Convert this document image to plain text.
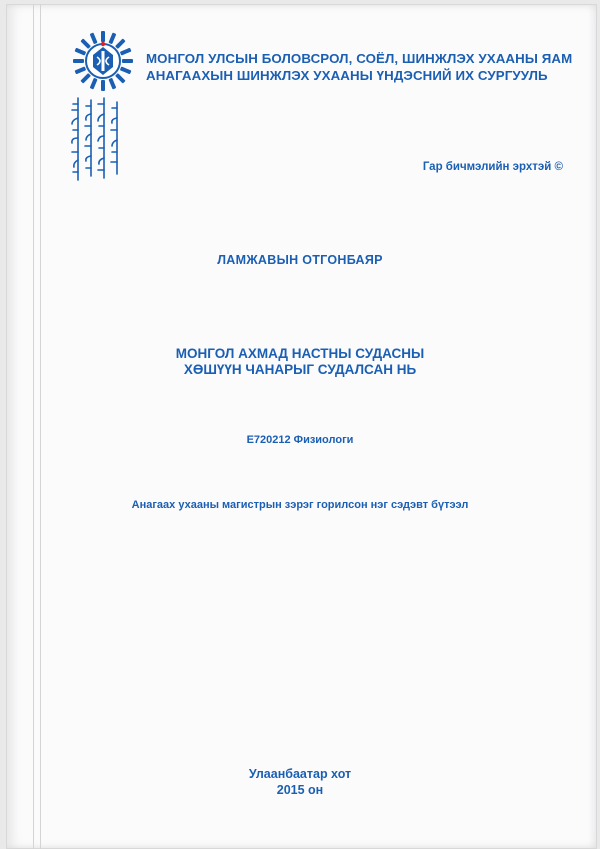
МОНГОЛ УЛСЫН БОЛОВСРОЛ, СОЁЛ, ШИНЖЛЭХ УХААНЫ ЯАМ
АНАГААХЫН ШИНЖЛЭХ УХААНЫ ҮНДЭСНИЙ ИХ СУРГУУЛЬ
Гар бичмэлийн эрхтэй ©
ЛАМЖАВЫН ОТГОНБАЯР
МОНГОЛ АХМАД НАСТНЫ СУДАСНЫ
ХӨШҮҮН ЧАНАРЫГ СУДАЛСАН НЬ
E720212 Физиологи
Анагаах ухааны магистрын зэрэг горилсон нэг сэдэвт бүтээл
Улаанбаатар хот
2015 он
